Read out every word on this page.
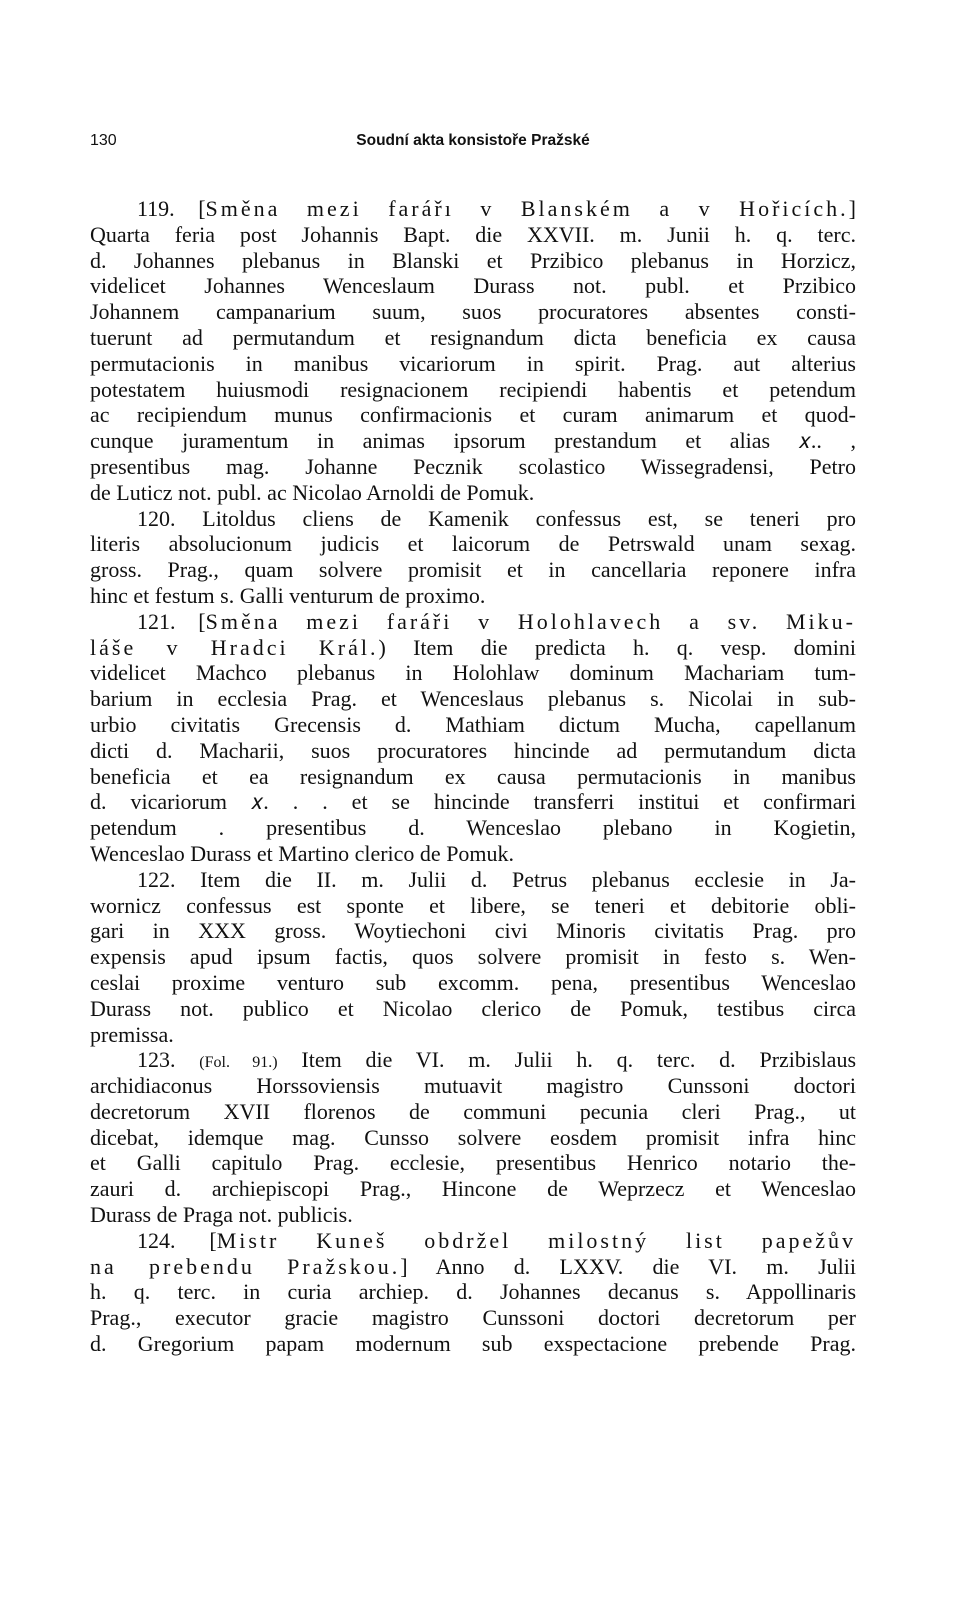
130	Soudní akta konsistoře Pražské
119. [Směna mezi farářı v Blanském a v Hořicích.]
Quarta feria post Johannis Bapt. die XXVII. m. Junii h. q. terc.
d. Johannes plebanus in Blanski et Przibico plebanus in Horzicz,
videlicet Johannes Wenceslaum Durass not. publ. et Przibico
Johannem campanarium suum, suos procuratores absentes consti-
tuerunt ad permutandum et resignandum dicta beneficia ex causa
permutacionis in manibus vicariorum in spirit. Prag. aut alterius
potestatem huiusmodi resignacionem recipiendi habentis et petendum
ac recipiendum munus confirmacionis et curam animarum et quod-
cunque juramentum in animas ipsorum prestandum et alias 𝑥.. ,
presentibus mag. Johanne Pecznik scolastico Wissegradensi, Petro
de Luticz not. publ. ac Nicolao Arnoldi de Pomuk.
120. Litoldus cliens de Kamenik confessus est, se teneri pro
literis absolucionum judicis et laicorum de Petrswald unam sexag.
gross. Prag., quam solvere promisit et in cancellaria reponere infra
hinc et festum s. Galli venturum de proximo.
121. [Směna mezi faráři v Holohlavech a sv. Miku-
láše v Hradci Král.) Item die predicta h. q. vesp. domini
videlicet Machco plebanus in Holohlaw dominum Machariam tum-
barium in ecclesia Prag. et Wenceslaus plebanus s. Nicolai in sub-
urbio civitatis Grecensis d. Mathiam dictum Mucha, capellanum
dicti d. Macharii, suos procuratores hincinde ad permutandum dicta
beneficia et ea resignandum ex causa permutacionis in manibus
d. vicariorum 𝑥. . . et se hincinde transferri institui et confirmari
petendum . presentibus d. Wenceslao plebano in Kogietin,
Wenceslao Durass et Martino clerico de Pomuk.
122. Item die II. m. Julii d. Petrus plebanus ecclesie in Ja-
wornicz confessus est sponte et libere, se teneri et debitorie obli-
gari in XXX gross. Woytiechoni civi Minoris civitatis Prag. pro
expensis apud ipsum factis, quos solvere promisit in festo s. Wen-
ceslai proxime venturo sub excomm. pena, presentibus Wenceslao
Durass not. publico et Nicolao clerico de Pomuk, testibus circa
premissa.
123. (Fol. 91.) Item die VI. m. Julii h. q. terc. d. Przibislaus
archidiaconus Horssoviensis mutuavit magistro Cunssoni doctori
decretorum XVII florenos de communi pecunia cleri Prag., ut
dicebat, idemque mag. Cunsso solvere eosdem promisit infra hinc
et Galli capitulo Prag. ecclesie, presentibus Henrico notario the-
zauri d. archiepiscopi Prag., Hincone de Weprzecz et Wenceslao
Durass de Praga not. publicis.
124. [Mistr Kuneš obdržel milostný list papežův
na prebendu Pražskou.] Anno d. LXXV. die VI. m. Julii
h. q. terc. in curia archiep. d. Johannes decanus s. Appollinaris
Prag., executor gracie magistro Cunssoni doctori decretorum per
d. Gregorium papam modernum sub exspectacione prebende Prag.
